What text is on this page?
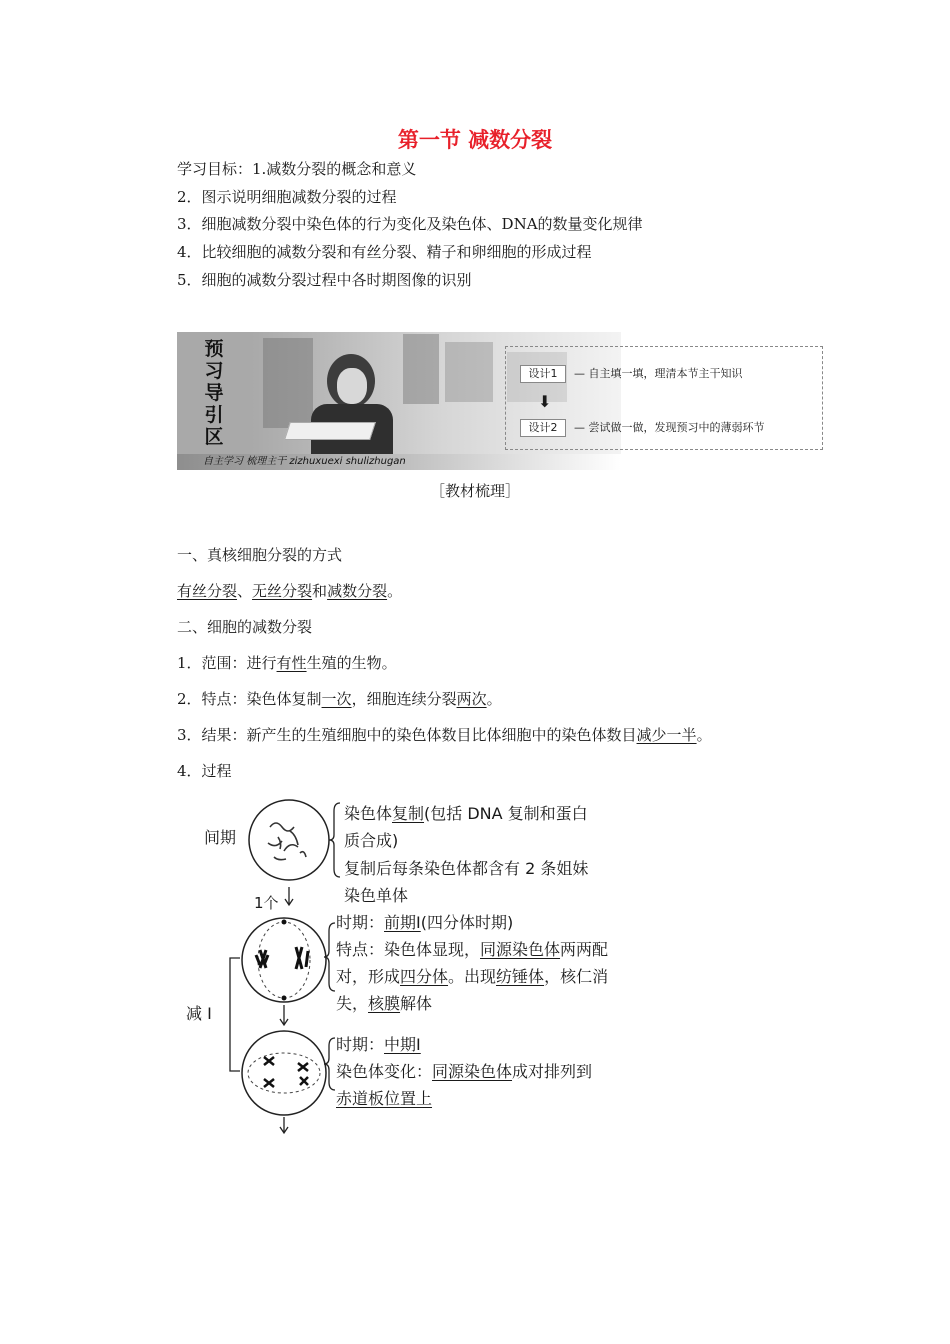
第一节 减数分裂
学习目标：1.减数分裂的概念和意义
2．图示说明细胞减数分裂的过程
3．细胞减数分裂中染色体的行为变化及染色体、DNA的数量变化规律
4．比较细胞的减数分裂和有丝分裂、精子和卵细胞的形成过程
5．细胞的减数分裂过程中各时期图像的识别
预
习
导
引
区
自主学习 梳理主干 zizhuxuexi shulizhugan
设计1	— 自主填一填，理清本节主干知识
⬇
设计2	— 尝试做一做，发现预习中的薄弱环节
［教材梳理］
一、真核细胞分裂的方式
有丝分裂、无丝分裂和减数分裂。
二、细胞的减数分裂
1．范围：进行有性生殖的生物。
2．特点：染色体复制一次，细胞连续分裂两次。
3．结果：新产生的生殖细胞中的染色体数目比体细胞中的染色体数目减少一半。
4．过程
间期
1个
减 Ⅰ
染色体复制(包括 DNA 复制和蛋白
质合成)
复制后每条染色体都含有 2 条姐妹
染色单体
时期：前期Ⅰ(四分体时期)
特点：染色体显现，同源染色体两两配
对，形成四分体。出现纺锤体，核仁消
失，核膜解体
时期：中期Ⅰ
染色体变化：同源染色体成对排列到
赤道板位置上
